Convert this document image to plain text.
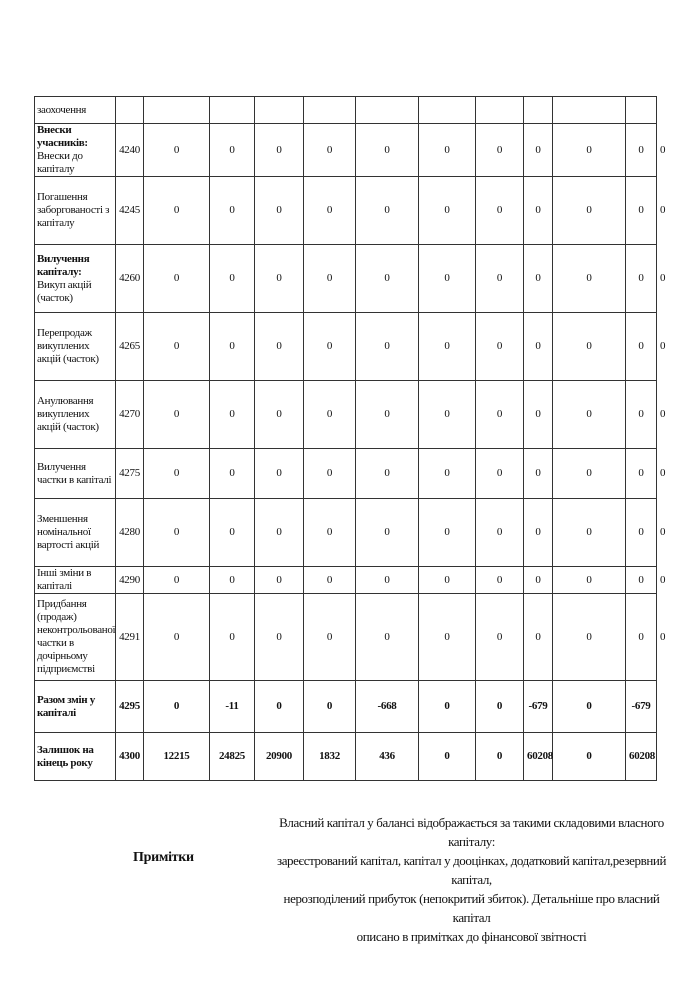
заохочення												
Внески учасників:
Внески до капіталу	4240	0	0	0	0	0	0	0	0	0	0	0
Погашення заборгованості з капіталу	4245	0	0	0	0	0	0	0	0	0	0	0
Вилучення капіталу:
Викуп акцій (часток)	4260	0	0	0	0	0	0	0	0	0	0	0
Перепродаж викуплених акцій (часток)	4265	0	0	0	0	0	0	0	0	0	0	0
Анулювання викуплених акцій (часток)	4270	0	0	0	0	0	0	0	0	0	0	0
Вилучення частки в капіталі	4275	0	0	0	0	0	0	0	0	0	0	0
Зменшення номінальної вартості акцій	4280	0	0	0	0	0	0	0	0	0	0	0
Інші зміни в капіталі	4290	0	0	0	0	0	0	0	0	0	0	0
Придбання (продаж) неконтрольованої частки в дочірньому підприємстві	4291	0	0	0	0	0	0	0	0	0	0	0
Разом змін у капіталі	4295	0	-11	0	0	-668	0	0	-679	0	-679	
Залишок на кінець року	4300	12215	24825	20900	1832	436	0	0	60208	0	60208	
Примітки
Власний капітал у балансі відображається за такими складовими власного капіталу:
зареєстрований капітал, капітал у дооцінках, додатковий капітал,резервний капітал,
нерозподілений прибуток (непокритий збиток). Детальніше про власний капітал
описано в примітках до фінансової звітності
